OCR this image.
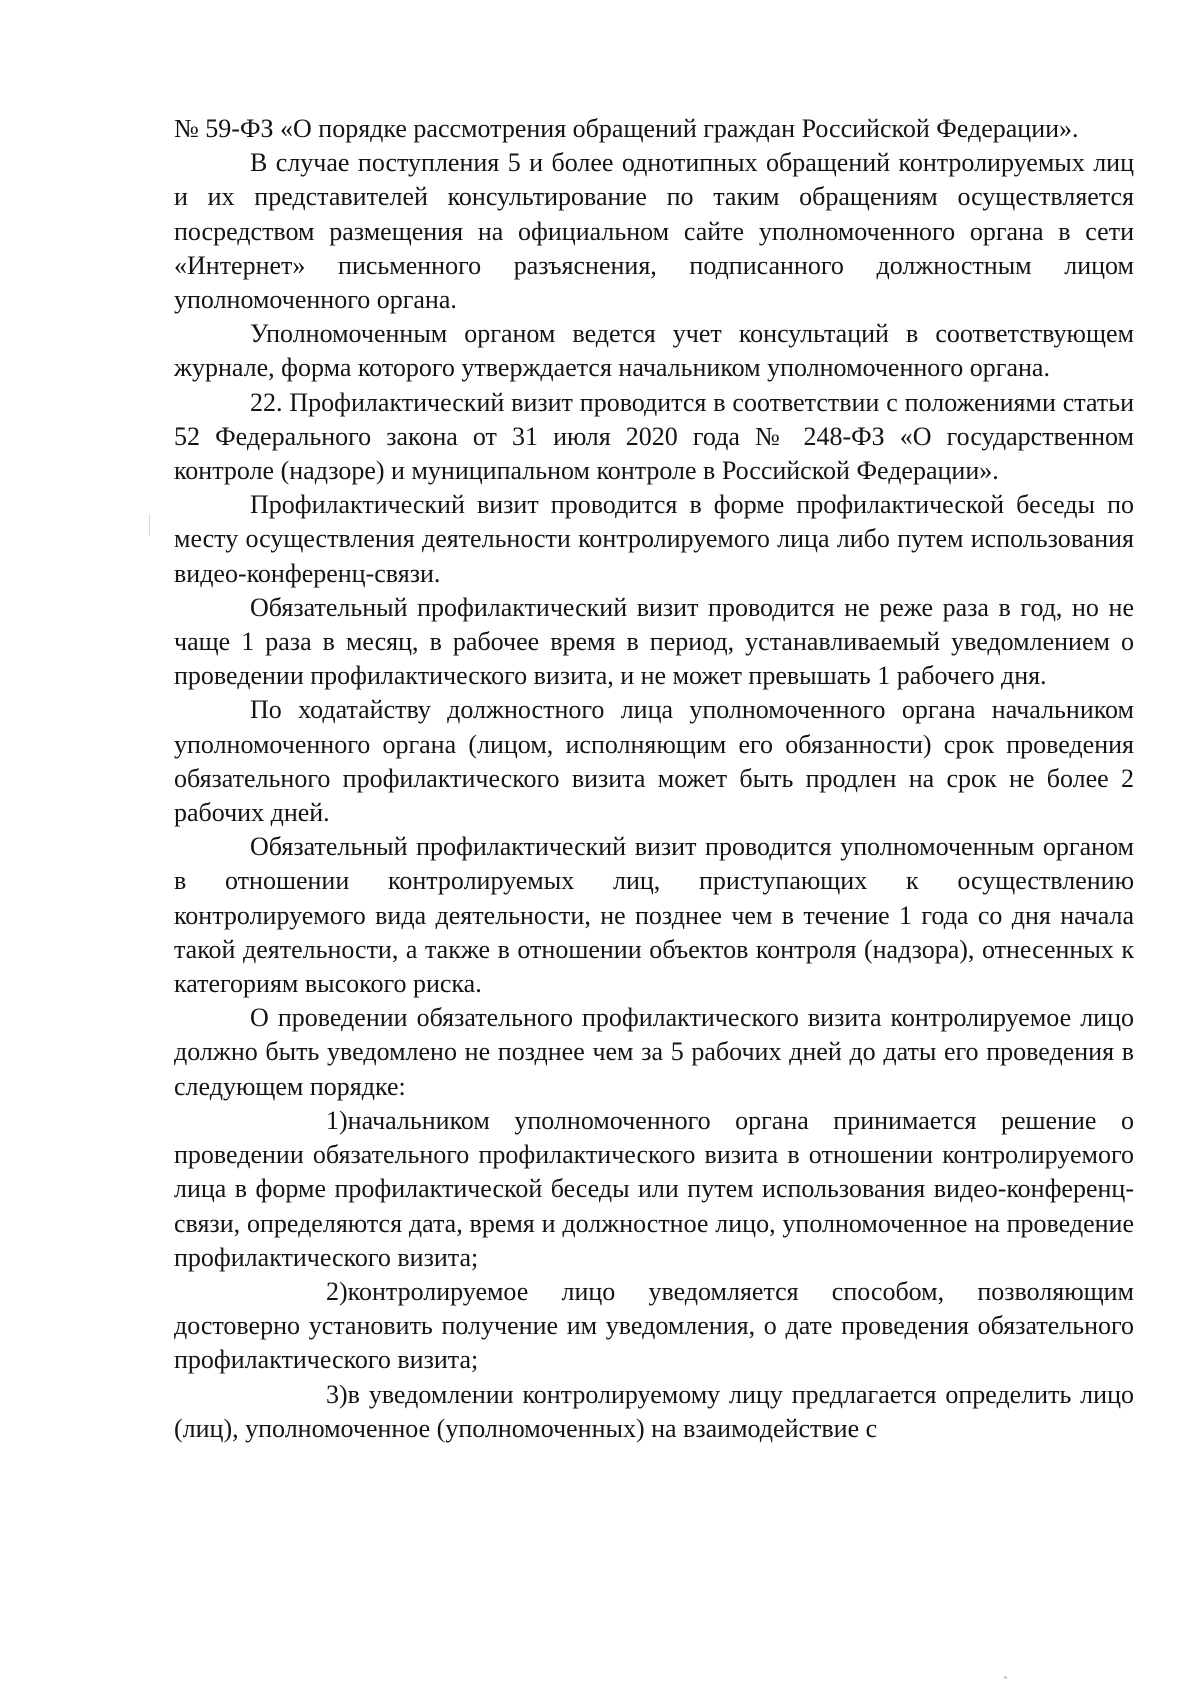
№ 59-ФЗ «О порядке рассмотрения обращений граждан Российской Федерации».

В случае поступления 5 и более однотипных обращений контролируемых лиц и их представителей консультирование по таким обращениям осуществляется посредством размещения на официальном сайте уполномоченного органа в сети «Интернет» письменного разъяснения, подписанного должностным лицом уполномоченного органа.

Уполномоченным органом ведется учет консультаций в соответствующем журнале, форма которого утверждается начальником уполномоченного органа.

22. Профилактический визит проводится в соответствии с положениями статьи 52 Федерального закона от 31 июля 2020 года № 248-ФЗ «О государственном контроле (надзоре) и муниципальном контроле в Российской Федерации».

Профилактический визит проводится в форме профилактической беседы по месту осуществления деятельности контролируемого лица либо путем использования видео-конференц-связи.

Обязательный профилактический визит проводится не реже раза в год, но не чаще 1 раза в месяц, в рабочее время в период, устанавливаемый уведомлением о проведении профилактического визита, и не может превышать 1 рабочего дня.

По ходатайству должностного лица уполномоченного органа начальником уполномоченного органа (лицом, исполняющим его обязанности) срок проведения обязательного профилактического визита может быть продлен на срок не более 2 рабочих дней.

Обязательный профилактический визит проводится уполномоченным органом в отношении контролируемых лиц, приступающих к осуществлению контролируемого вида деятельности, не позднее чем в течение 1 года со дня начала такой деятельности, а также в отношении объектов контроля (надзора), отнесенных к категориям высокого риска.

О проведении обязательного профилактического визита контролируемое лицо должно быть уведомлено не позднее чем за 5 рабочих дней до даты его проведения в следующем порядке:

1)начальником уполномоченного органа принимается решение о проведении обязательного профилактического визита в отношении контролируемого лица в форме профилактической беседы или путем использования видео-конференц-связи, определяются дата, время и должностное лицо, уполномоченное на проведение профилактического визита;

2)контролируемое лицо уведомляется способом, позволяющим достоверно установить получение им уведомления, о дате проведения обязательного профилактического визита;

3)в уведомлении контролируемому лицу предлагается определить лицо (лиц), уполномоченное (уполномоченных) на взаимодействие с
